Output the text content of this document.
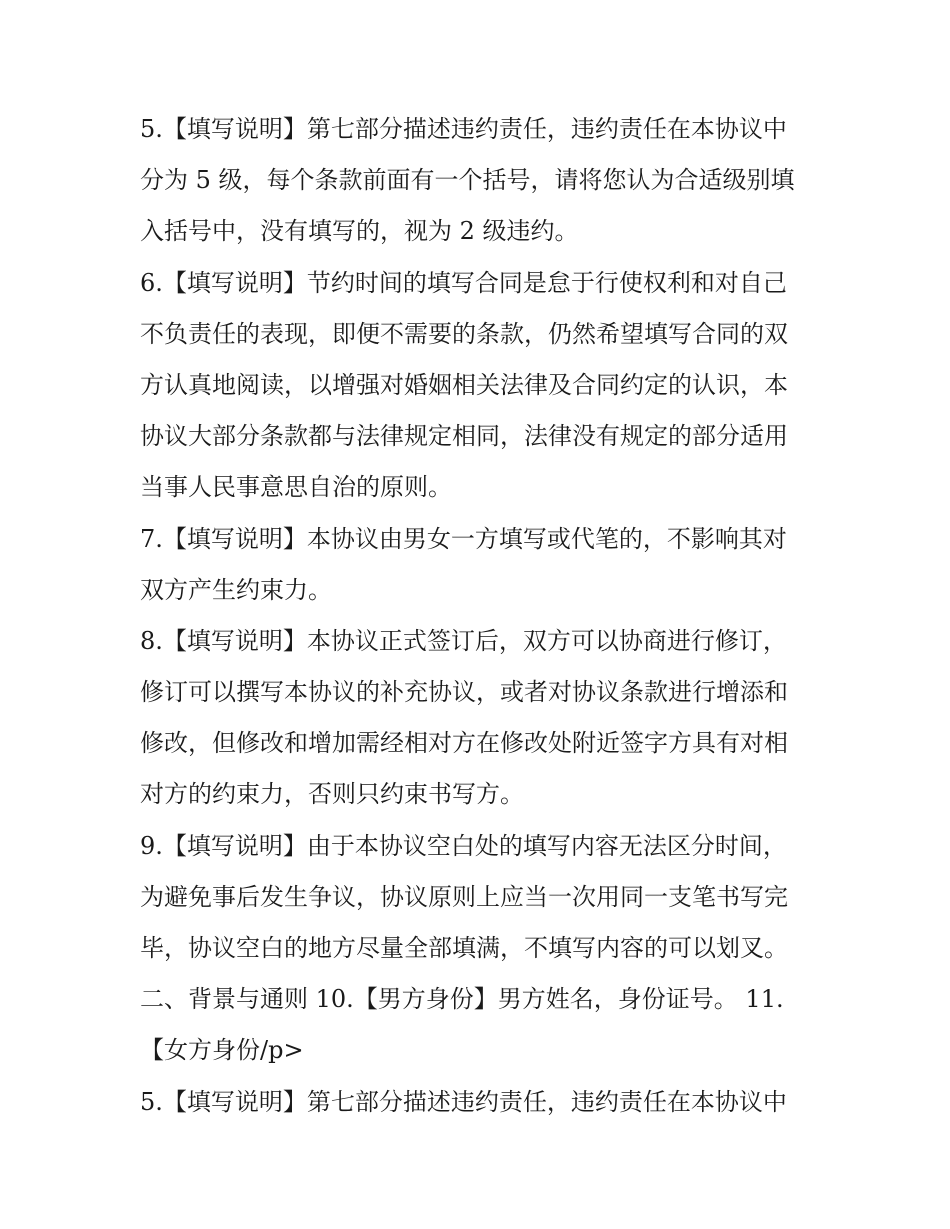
5.【填写说明】第七部分描述违约责任，违约责任在本协议中
分为 5 级，每个条款前面有一个括号，请将您认为合适级别填
入括号中，没有填写的，视为 2 级违约。
6.【填写说明】节约时间的填写合同是怠于行使权利和对自己
不负责任的表现，即便不需要的条款，仍然希望填写合同的双
方认真地阅读，以增强对婚姻相关法律及合同约定的认识，本
协议大部分条款都与法律规定相同，法律没有规定的部分适用
当事人民事意思自治的原则。
7.【填写说明】本协议由男女一方填写或代笔的，不影响其对
双方产生约束力。
8.【填写说明】本协议正式签订后，双方可以协商进行修订，
修订可以撰写本协议的补充协议，或者对协议条款进行增添和
修改，但修改和增加需经相对方在修改处附近签字方具有对相
对方的约束力，否则只约束书写方。
9.【填写说明】由于本协议空白处的填写内容无法区分时间，
为避免事后发生争议，协议原则上应当一次用同一支笔书写完
毕，协议空白的地方尽量全部填满，不填写内容的可以划叉。
二、背景与通则 10.【男方身份】男方姓名，身份证号。 11.
【女方身份/p>
5.【填写说明】第七部分描述违约责任，违约责任在本协议中
